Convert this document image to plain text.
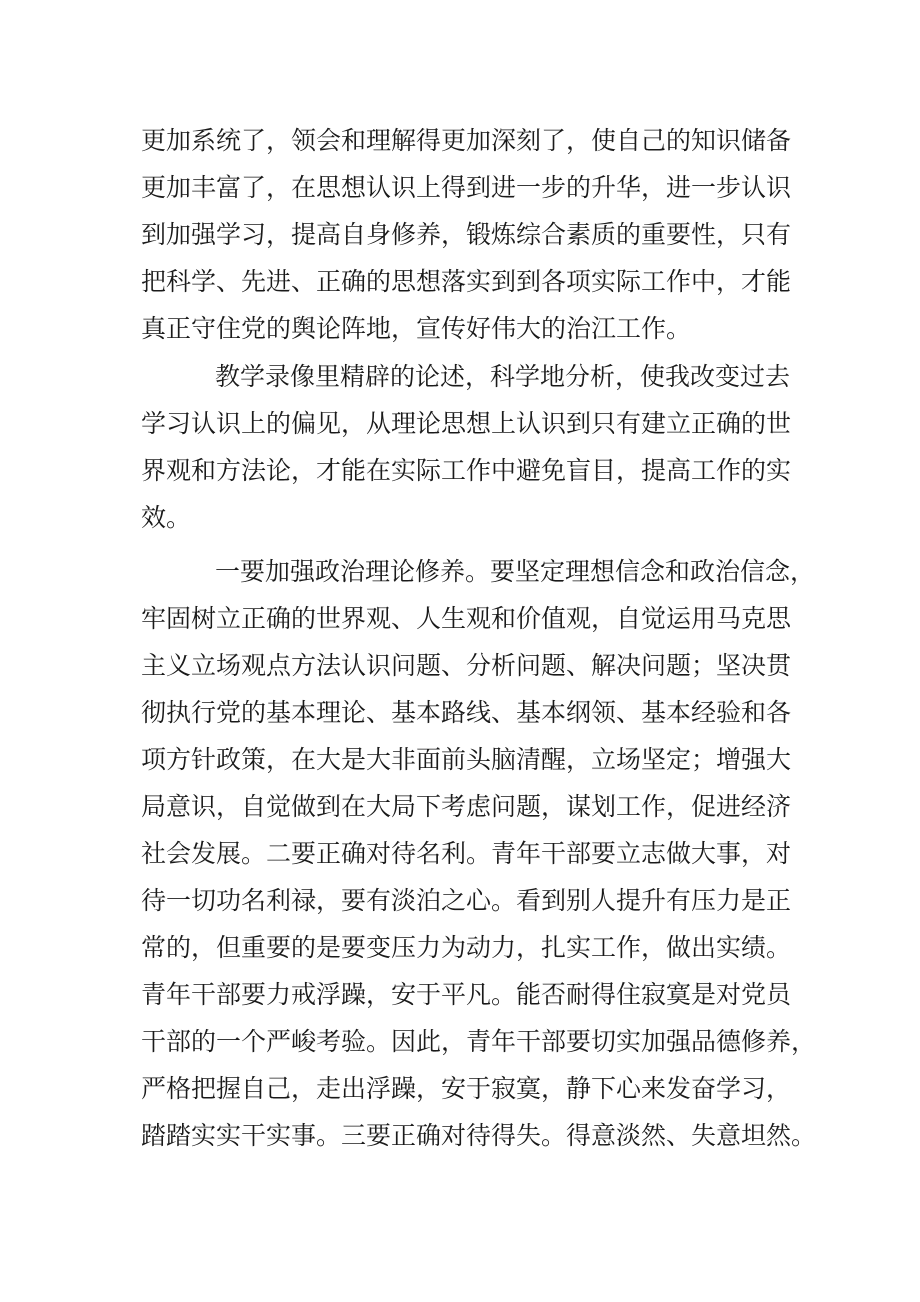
更加系统了，领会和理解得更加深刻了，使自己的知识储备
更加丰富了，在思想认识上得到进一步的升华，进一步认识
到加强学习，提高自身修养，锻炼综合素质的重要性，只有
把科学、先进、正确的思想落实到到各项实际工作中，才能
真正守住党的舆论阵地，宣传好伟大的治江工作。
教学录像里精辟的论述，科学地分析，使我改变过去
学习认识上的偏见，从理论思想上认识到只有建立正确的世
界观和方法论，才能在实际工作中避免盲目，提高工作的实
效。
一要加强政治理论修养。要坚定理想信念和政治信念，
牢固树立正确的世界观、人生观和价值观，自觉运用马克思
主义立场观点方法认识问题、分析问题、解决问题；坚决贯
彻执行党的基本理论、基本路线、基本纲领、基本经验和各
项方针政策，在大是大非面前头脑清醒，立场坚定；增强大
局意识，自觉做到在大局下考虑问题，谋划工作，促进经济
社会发展。二要正确对待名利。青年干部要立志做大事，对
待一切功名利禄，要有淡泊之心。看到别人提升有压力是正
常的，但重要的是要变压力为动力，扎实工作，做出实绩。
青年干部要力戒浮躁，安于平凡。能否耐得住寂寞是对党员
干部的一个严峻考验。因此，青年干部要切实加强品德修养，
严格把握自己，走出浮躁，安于寂寞，静下心来发奋学习，
踏踏实实干实事。三要正确对待得失。得意淡然、失意坦然。
